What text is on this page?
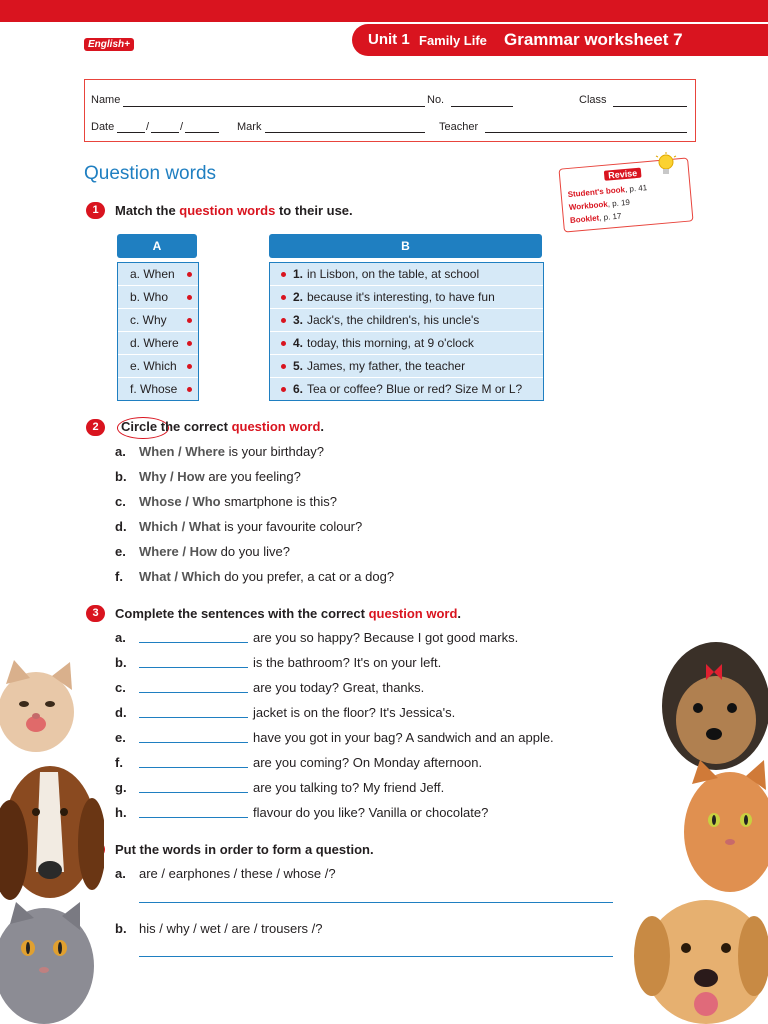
English+	Unit 1 Family Life Grammar worksheet 7
Name	No.	Class
Date	/	/	Mark	Teacher
Question words	Revise
Student's book, p. 41
Workbook, p. 19
Booklet, p. 17
1	Match the question words to their use.
A	B
a. When
b. Who
c. Why
d. Where
e. Which
f. Whose
1. in Lisbon, on the table, at school
2. because it's interesting, to have fun
3. Jack's, the children's, his uncle's
4. today, this morning, at 9 o'clock
5. James, my father, the teacher
6. Tea or coffee? Blue or red? Size M or L?
2	Circle the correct question word.
a. When / Where is your birthday?
b. Why / How are you feeling?
c. Whose / Who smartphone is this?
d. Which / What is your favourite colour?
e. Where / How do you live?
f. What / Which do you prefer, a cat or a dog?
3	Complete the sentences with the correct question word.
a.	are you so happy? Because I got good marks.
b.	is the bathroom? It's on your left.
c.	are you today? Great, thanks.
d.	jacket is on the floor? It's Jessica's.
e.	have you got in your bag? A sandwich and an apple.
f.	are you coming? On Monday afternoon.
g.	are you talking to? My friend Jeff.
h.	flavour do you like? Vanilla or chocolate?
Put the words in order to form a question.
a. are / earphones / these / whose /?
b. his / why / wet / are / trousers /?
